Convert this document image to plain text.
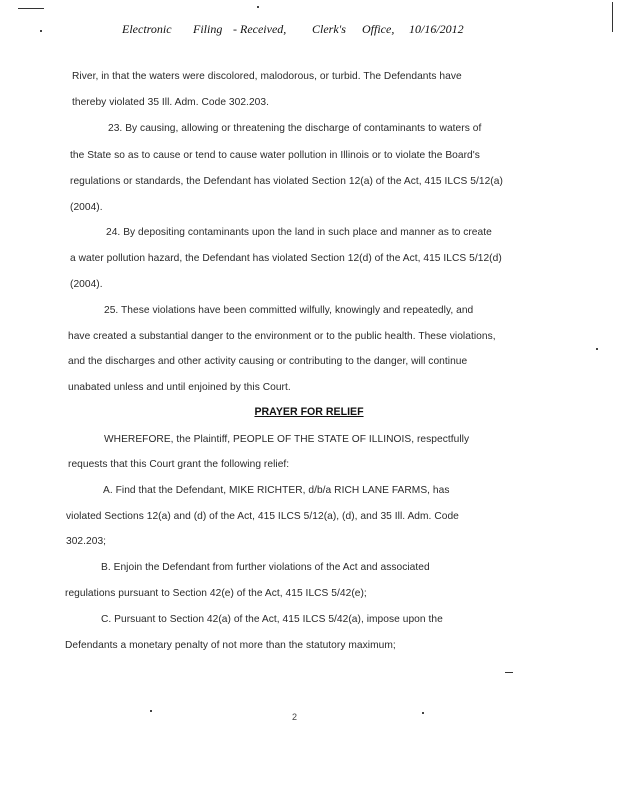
Electronic Filing - Received, Clerk's Office, 10/16/2012
River, in that the waters were discolored, malodorous, or turbid. The Defendants have
thereby violated 35 Ill. Adm. Code 302.203.
23. By causing, allowing or threatening the discharge of contaminants to waters of
the State so as to cause or tend to cause water pollution in Illinois or to violate the Board's
regulations or standards, the Defendant has violated Section 12(a) of the Act, 415 ILCS 5/12(a)
(2004).
24. By depositing contaminants upon the land in such place and manner as to create
a water pollution hazard, the Defendant has violated Section 12(d) of the Act, 415 ILCS 5/12(d)
(2004).
25. These violations have been committed wilfully, knowingly and repeatedly, and
have created a substantial danger to the environment or to the public health. These violations,
and the discharges and other activity causing or contributing to the danger, will continue
unabated unless and until enjoined by this Court.
PRAYER FOR RELIEF
WHEREFORE, the Plaintiff, PEOPLE OF THE STATE OF ILLINOIS, respectfully
requests that this Court grant the following relief:
A. Find that the Defendant, MIKE RICHTER, d/b/a RICH LANE FARMS, has
violated Sections 12(a) and (d) of the Act, 415 ILCS 5/12(a), (d), and 35 Ill. Adm. Code
302.203;
B. Enjoin the Defendant from further violations of the Act and associated
regulations pursuant to Section 42(e) of the Act, 415 ILCS 5/42(e);
C. Pursuant to Section 42(a) of the Act, 415 ILCS 5/42(a), impose upon the
Defendants a monetary penalty of not more than the statutory maximum;
2
